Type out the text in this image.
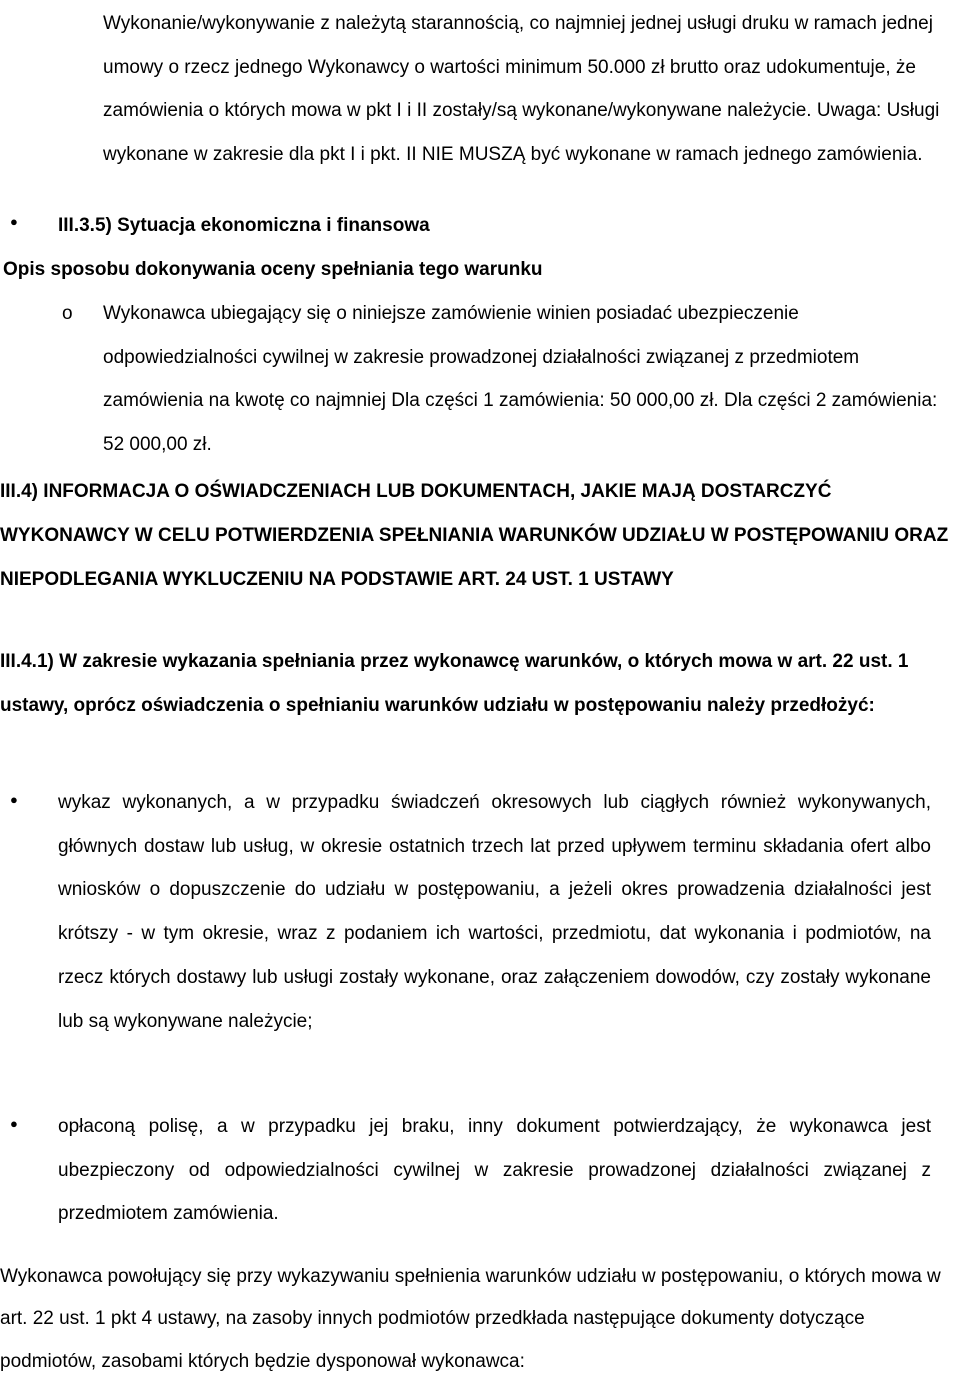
Wykonanie/wykonywanie z należytą starannością, co najmniej jednej usługi druku w ramach jednej umowy o rzecz jednego Wykonawcy o wartości minimum 50.000 zł brutto oraz udokumentuje, że zamówienia o których mowa w pkt I i II zostały/są wykonane/wykonywane należycie. Uwaga: Usługi wykonane w zakresie dla pkt I i pkt. II NIE MUSZĄ być wykonane w ramach jednego zamówienia.

● III.3.5) Sytuacja ekonomiczna i finansowa

Opis sposobu dokonywania oceny spełniania tego warunku

o Wykonawca ubiegający się o niniejsze zamówienie winien posiadać ubezpieczenie odpowiedzialności cywilnej w zakresie prowadzonej działalności związanej z przedmiotem zamówienia na kwotę co najmniej Dla części 1 zamówienia: 50 000,00 zł. Dla części 2 zamówienia: 52 000,00 zł.

III.4) INFORMACJA O OŚWIADCZENIACH LUB DOKUMENTACH, JAKIE MAJĄ DOSTARCZYĆ WYKONAWCY W CELU POTWIERDZENIA SPEŁNIANIA WARUNKÓW UDZIAŁU W POSTĘPOWANIU ORAZ NIEPODLEGANIA WYKLUCZENIU NA PODSTAWIE ART. 24 UST. 1 USTAWY

III.4.1) W zakresie wykazania spełniania przez wykonawcę warunków, o których mowa w art. 22 ust. 1 ustawy, oprócz oświadczenia o spełnianiu warunków udziału w postępowaniu należy przedłożyć:

● wykaz wykonanych, a w przypadku świadczeń okresowych lub ciągłych również wykonywanych, głównych dostaw lub usług, w okresie ostatnich trzech lat przed upływem terminu składania ofert albo wniosków o dopuszczenie do udziału w postępowaniu, a jeżeli okres prowadzenia działalności jest krótszy - w tym okresie, wraz z podaniem ich wartości, przedmiotu, dat wykonania i podmiotów, na rzecz których dostawy lub usługi zostały wykonane, oraz załączeniem dowodów, czy zostały wykonane lub są wykonywane należycie;

● opłaconą polisę, a w przypadku jej braku, inny dokument potwierdzający, że wykonawca jest ubezpieczony od odpowiedzialności cywilnej w zakresie prowadzonej działalności związanej z przedmiotem zamówienia.

Wykonawca powołujący się przy wykazywaniu spełnienia warunków udziału w postępowaniu, o których mowa w art. 22 ust. 1 pkt 4 ustawy, na zasoby innych podmiotów przedkłada następujące dokumenty dotyczące podmiotów, zasobami których będzie dysponował wykonawca:
